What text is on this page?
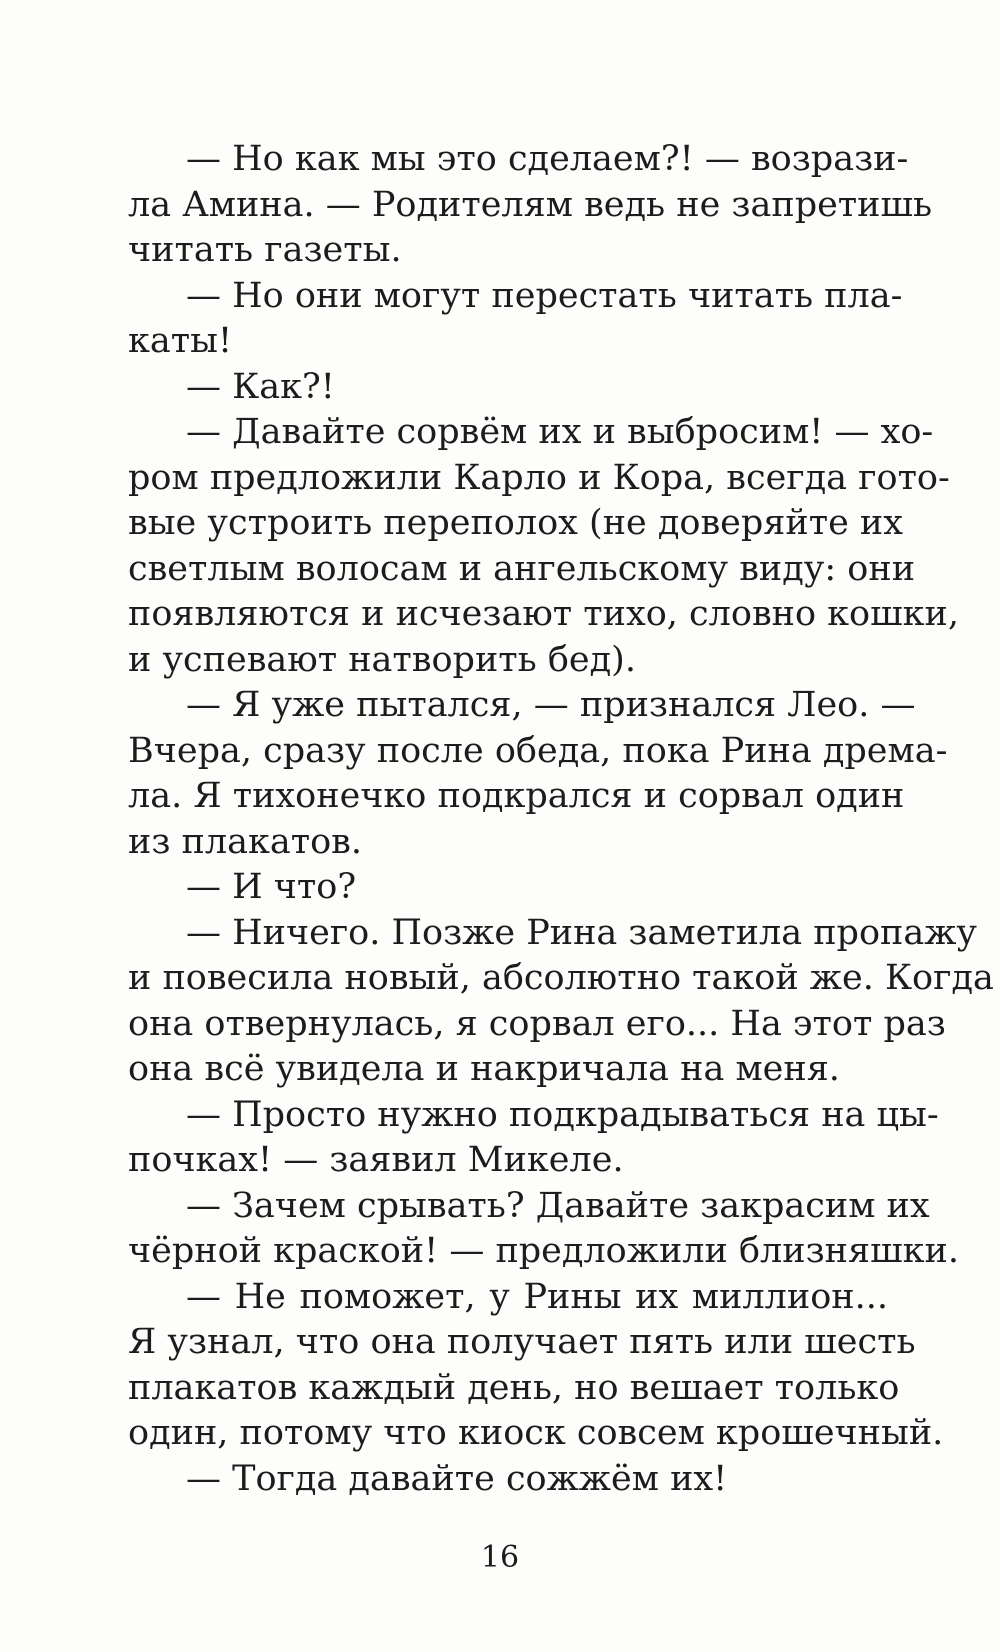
— Но как мы это сделаем?! — возрази-
ла Амина. — Родителям ведь не запретишь
читать газеты.
— Но они могут перестать читать пла-
каты!
— Как?!
— Давайте сорвём их и выбросим! — хо-
ром предложили Карло и Кора, всегда гото-
вые устроить переполох (не доверяйте их
светлым волосам и ангельскому виду: они
появляются и исчезают тихо, словно кошки,
и успевают натворить бед).
— Я уже пытался, — признался Лео. —
Вчера, сразу после обеда, пока Рина дрема-
ла. Я тихонечко подкрался и сорвал один
из плакатов.
— И что?
— Ничего. Позже Рина заметила пропажу
и повесила новый, абсолютно такой же. Когда
она отвернулась, я сорвал его... На этот раз
она всё увидела и накричала на меня.
— Просто нужно подкрадываться на цы-
почках! — заявил Микеле.
— Зачем срывать? Давайте закрасим их
чёрной краской! — предложили близняшки.
— Не поможет, у Рины их миллион...
Я узнал, что она получает пять или шесть
плакатов каждый день, но вешает только
один, потому что киоск совсем крошечный.
— Тогда давайте сожжём их!
16
